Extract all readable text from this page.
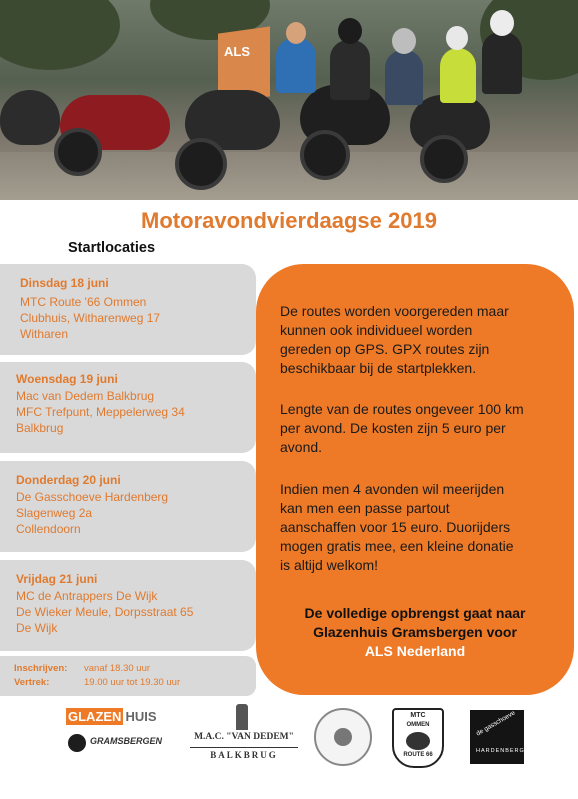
ALS
Motoravondvierdaagse 2019
Startlocaties
Dinsdag 18 juni
MTC Route '66 Ommen
Clubhuis, Witharenweg 17
Witharen
Woensdag 19 juni
Mac van Dedem Balkbrug
MFC Trefpunt, Meppelerweg 34
Balkbrug
Donderdag 20 juni
De Gasschoeve Hardenberg
Slagenweg 2a
Collendoorn
Vrijdag 21 juni
MC de Antrappers De Wijk
De Wieker Meule, Dorpsstraat 65
De Wijk
Inschrijven: vanaf 18.30 uur
Vertrek:	19.00 uur tot 19.30 uur

De routes worden voorgereden maar
kunnen ook individueel worden
gereden op GPS. GPX routes zijn
beschikbaar bij de startplekken.

Lengte van de routes ongeveer 100 km
per avond. De kosten zijn 5 euro per
avond.

Indien men 4 avonden wil meerijden
kan men een passe partout
aanschaffen voor 15 euro. Duorijders
mogen gratis mee, een kleine donatie
is altijd welkom!

De volledige opbrengst gaat naar
Glazenhuis Gramsbergen voor
ALS Nederland

GLAZEN HUIS
GRAMSBERGEN	M.A.C. "VAN DEDEM"
BALKBRUG
MTC
OMMEN
ROUTE 66
de gasschoeve
HARDENBERG
